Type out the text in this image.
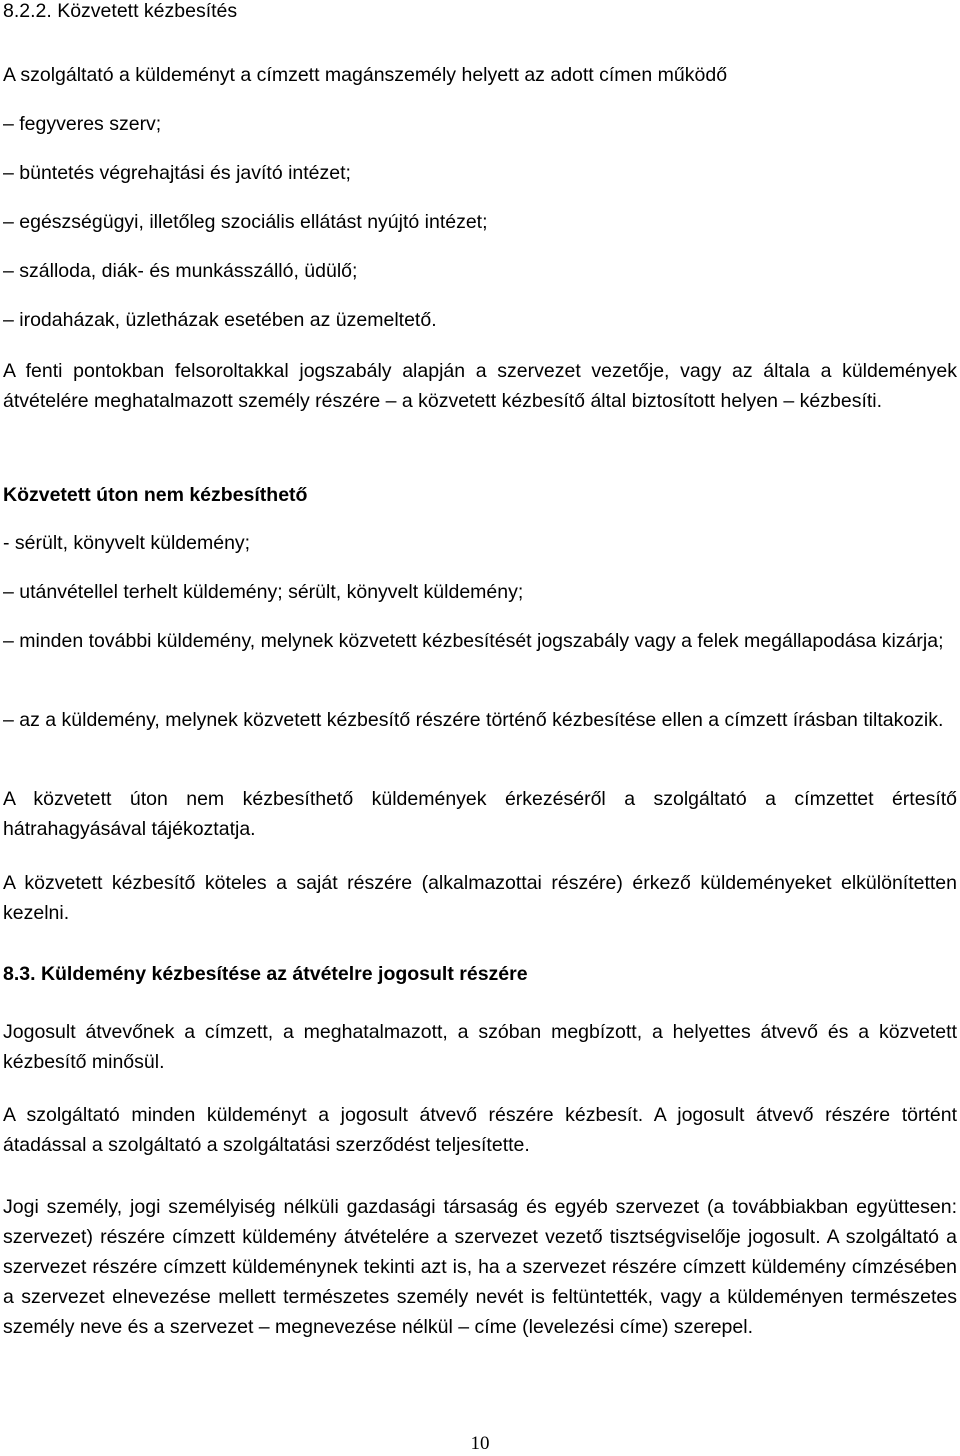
8.2.2. Közvetett kézbesítés
A szolgáltató a küldeményt a címzett magánszemély helyett az adott címen működő
– fegyveres szerv;
– büntetés végrehajtási és javító intézet;
– egészségügyi, illetőleg szociális ellátást nyújtó intézet;
– szálloda, diák- és munkásszálló, üdülő;
– irodaházak, üzletházak esetében az üzemeltető.
A fenti pontokban felsoroltakkal jogszabály alapján a szervezet vezetője, vagy az általa a küldemények átvételére meghatalmazott személy részére – a közvetett kézbesítő által biztosított helyen – kézbesíti.
Közvetett úton nem kézbesíthető
- sérült, könyvelt küldemény;
– utánvétellel terhelt küldemény; sérült, könyvelt küldemény;
– minden további küldemény, melynek közvetett kézbesítését jogszabály vagy a felek megállapodása kizárja;
– az a küldemény, melynek közvetett kézbesítő részére történő kézbesítése ellen a címzett írásban tiltakozik.
A közvetett úton nem kézbesíthető küldemények érkezéséről a szolgáltató a címzettet értesítő hátrahagyásával tájékoztatja.
A közvetett kézbesítő köteles a saját részére (alkalmazottai részére) érkező küldeményeket elkülönítetten kezelni.
8.3. Küldemény kézbesítése az átvételre jogosult részére
Jogosult átvevőnek a címzett, a meghatalmazott, a szóban megbízott, a helyettes átvevő és a közvetett kézbesítő minősül.
A szolgáltató minden küldeményt a jogosult átvevő részére kézbesít. A jogosult átvevő részére történt átadással a szolgáltató a szolgáltatási szerződést teljesítette.
Jogi személy, jogi személyiség nélküli gazdasági társaság és egyéb szervezet (a továbbiakban együttesen: szervezet) részére címzett küldemény átvételére a szervezet vezető tisztségviselője jogosult. A szolgáltató a szervezet részére címzett küldeménynek tekinti azt is, ha a szervezet részére címzett küldemény címzésében a szervezet elnevezése mellett természetes személy nevét is feltüntették, vagy a küldeményen természetes személy neve és a szervezet – megnevezése nélkül – címe (levelezési címe) szerepel.
10
